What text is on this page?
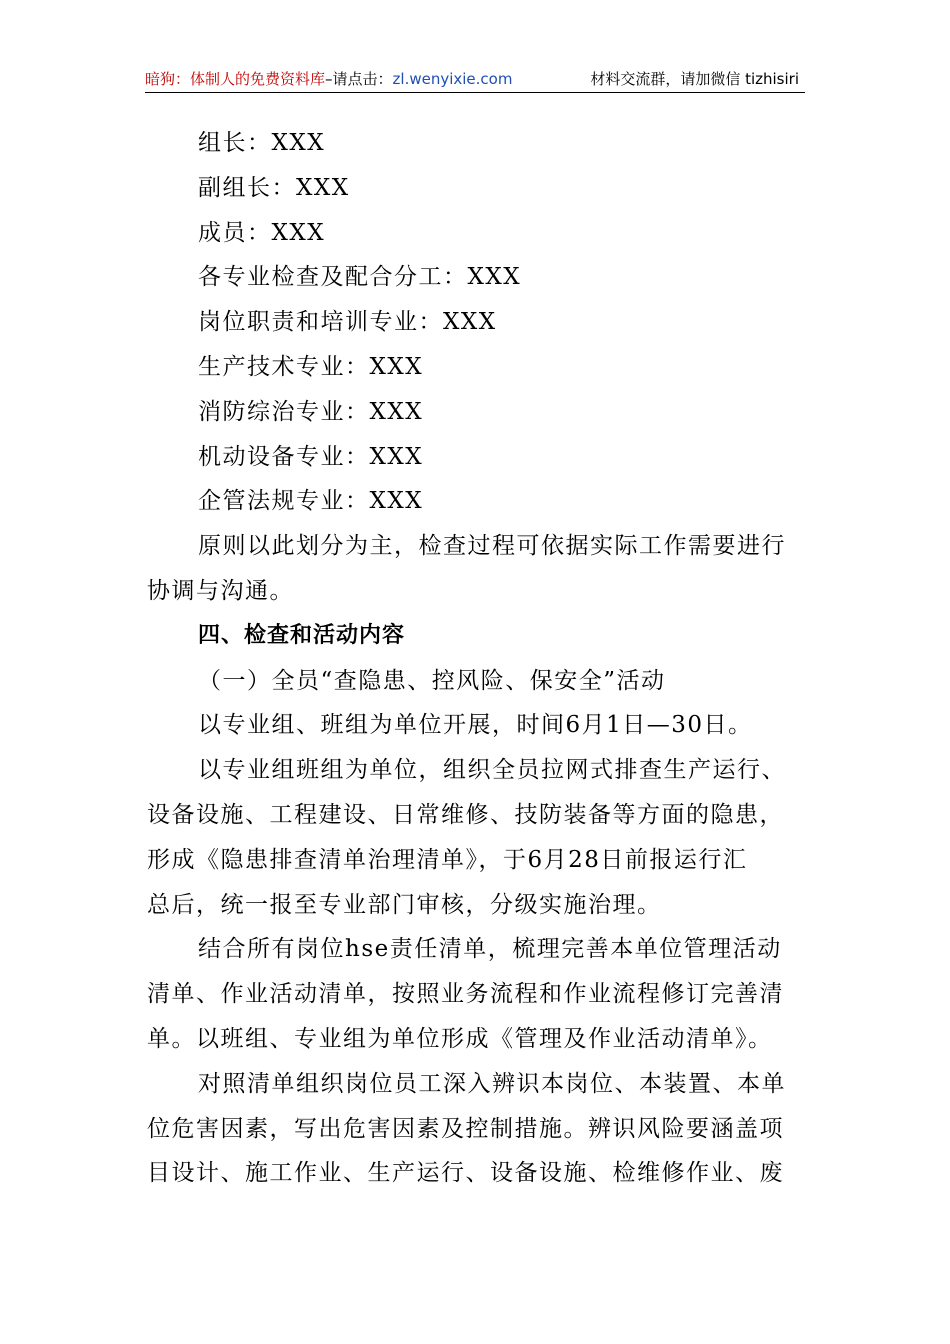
暗狗：体制人的免费资料库–请点击：zl.wenyixie.com	材料交流群，请加微信 tizhisiri
组长：XXX
副组长：XXX
成员：XXX
各专业检查及配合分工：XXX
岗位职责和培训专业：XXX
生产技术专业：XXX
消防综治专业：XXX
机动设备专业：XXX
企管法规专业：XXX
原则以此划分为主，检查过程可依据实际工作需要进行
协调与沟通。
四、检查和活动内容
（一）全员“查隐患、控风险、保安全”活动
以专业组、班组为单位开展，时间6月1日—30日。
以专业组班组为单位，组织全员拉网式排查生产运行、
设备设施、工程建设、日常维修、技防装备等方面的隐患，
形成《隐患排查清单治理清单》，于6月28日前报运行汇
总后，统一报至专业部门审核，分级实施治理。
结合所有岗位hse责任清单，梳理完善本单位管理活动
清单、作业活动清单，按照业务流程和作业流程修订完善清
单。以班组、专业组为单位形成《管理及作业活动清单》。
对照清单组织岗位员工深入辨识本岗位、本装置、本单
位危害因素，写出危害因素及控制措施。辨识风险要涵盖项
目设计、施工作业、生产运行、设备设施、检维修作业、废
